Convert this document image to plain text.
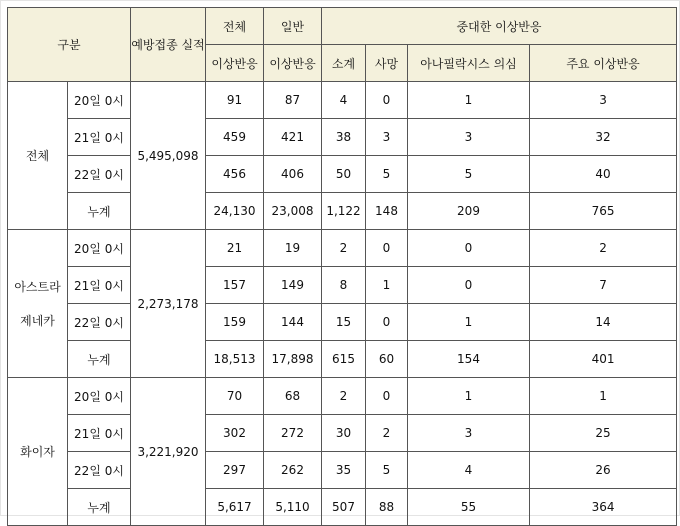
구분		예방접종 실적	전체	일반	중대한 이상반응			
			이상반응	이상반응	소계	사망	아나필락시스 의심	주요 이상반응

전체	20일 0시	5,495,098	91	87	4	0	1	3
	21일 0시		459	421	38	3	3	32
	22일 0시		456	406	50	5	5	40
	누계		24,130	23,008	1,122	148	209	765

아스트라
제네카	20일 0시	2,273,178	21	19	2	0	0	2
	21일 0시		157	149	8	1	0	7
	22일 0시		159	144	15	0	1	14
	누계		18,513	17,898	615	60	154	401

화이자	20일 0시	3,221,920	70	68	2	0	1	1
	21일 0시		302	272	30	2	3	25
	22일 0시		297	262	35	5	4	26
	누계		5,617	5,110	507	88	55	364
